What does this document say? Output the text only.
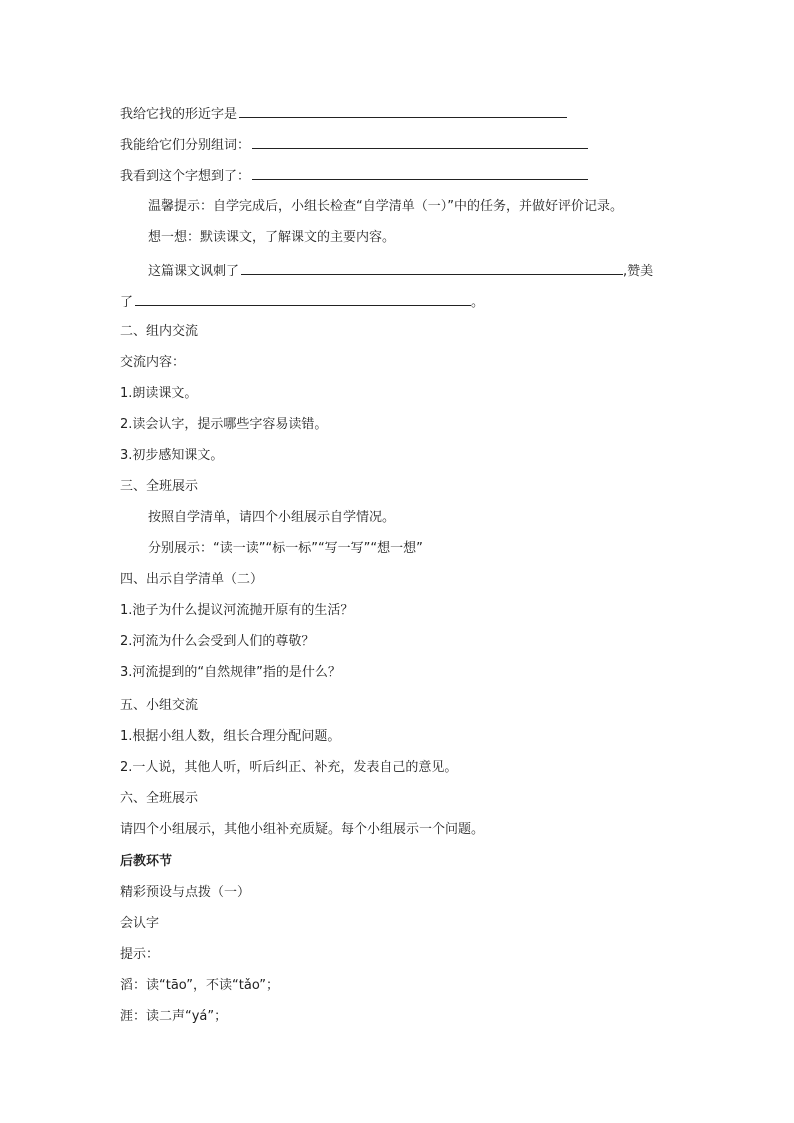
我给它找的形近字是
我能给它们分别组词：
我看到这个字想到了：
温馨提示：自学完成后，小组长检查“自学清单（一）”中的任务，并做好评价记录。
想一想：默读课文，了解课文的主要内容。
这篇课文讽刺了	,赞美
了	。
二、组内交流
交流内容：
1.朗读课文。
2.读会认字，提示哪些字容易读错。
3.初步感知课文。
三、全班展示
按照自学清单，请四个小组展示自学情况。
分别展示：“读一读”“标一标”“写一写”“想一想”
四、出示自学清单（二）
1.池子为什么提议河流抛开原有的生活？
2.河流为什么会受到人们的尊敬？
3.河流提到的“自然规律”指的是什么？
五、小组交流
1.根据小组人数，组长合理分配问题。
2.一人说，其他人听，听后纠正、补充，发表自己的意见。
六、全班展示
请四个小组展示，其他小组补充质疑。每个小组展示一个问题。
后教环节
精彩预设与点拨（一）
会认字
提示：
滔：读“tāo”，不读“tǎo”；
涯：读二声“yá”；
